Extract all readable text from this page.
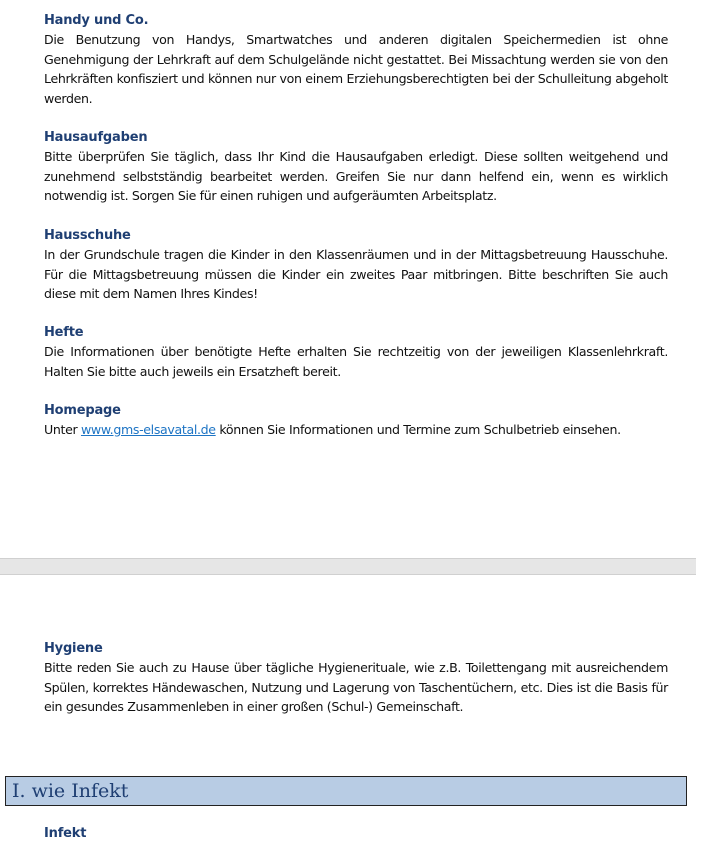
Handy und Co.

Die Benutzung von Handys, Smartwatches und anderen digitalen Speichermedien ist ohne Genehmigung der Lehrkraft auf dem Schulgelände nicht gestattet. Bei Missachtung werden sie von den Lehrkräften konfisziert und können nur von einem Erziehungsberechtigten bei der Schulleitung abgeholt werden.

Hausaufgaben

Bitte überprüfen Sie täglich, dass Ihr Kind die Hausaufgaben erledigt. Diese sollten weitgehend und zunehmend selbstständig bearbeitet werden. Greifen Sie nur dann helfend ein, wenn es wirklich notwendig ist. Sorgen Sie für einen ruhigen und aufgeräumten Arbeitsplatz.

Hausschuhe

In der Grundschule tragen die Kinder in den Klassenräumen und in der Mittagsbetreuung Hausschuhe. Für die Mittagsbetreuung müssen die Kinder ein zweites Paar mitbringen. Bitte beschriften Sie auch diese mit dem Namen Ihres Kindes!

Hefte

Die Informationen über benötigte Hefte erhalten Sie rechtzeitig von der jeweiligen Klassenlehrkraft. Halten Sie bitte auch jeweils ein Ersatzheft bereit.

Homepage

Unter www.gms-elsavatal.de können Sie Informationen und Termine zum Schulbetrieb einsehen.

Hygiene

Bitte reden Sie auch zu Hause über tägliche Hygienerituale, wie z.B. Toilettengang mit ausreichendem Spülen, korrektes Händewaschen, Nutzung und Lagerung von Taschentüchern, etc. Dies ist die Basis für ein gesundes Zusammenleben in einer großen (Schul-) Gemeinschaft.

I. wie Infekt

Infekt
